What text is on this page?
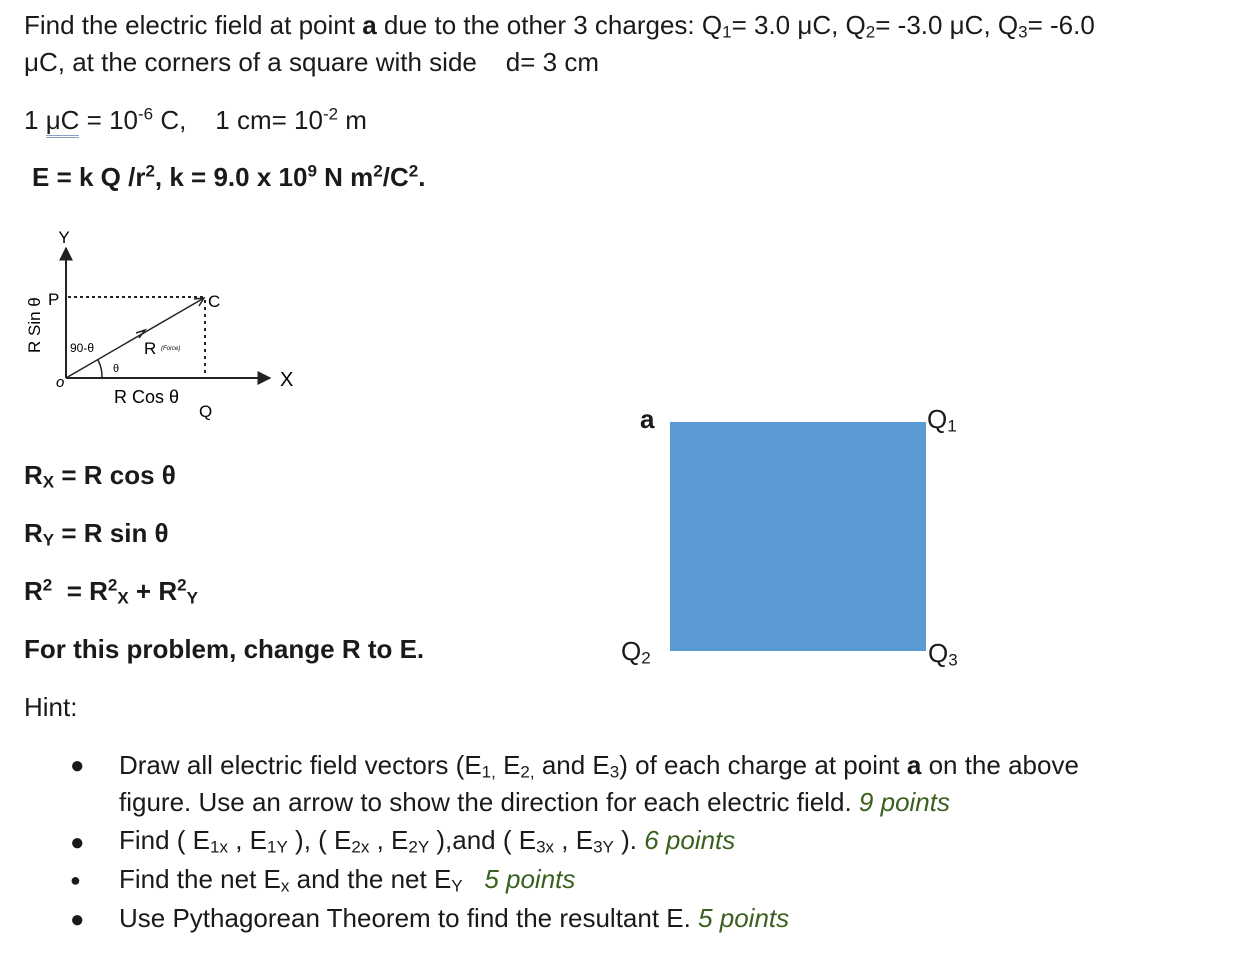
Find the electric field at point a due to the other 3 charges: $Q_1= 3.0$ μC, $Q_2= -3.0$ μC, $Q_3= -6.0$
μC, at the corners of a square with side    d= 3 cm
1 $\mu C = 10^{-6}$ C,    1 $cm= 10^{-2}$ m
E = k Q $/r^2$, k = 9.0 x $10^9$ N $m^2/C^2$.
Y
X
P	C
o
Q
R (Force)
90-θ
θ
R Cos θ
R Sin θ
$R_X = R$ cos θ
$R_Y = R$ sin θ
$R^2 = R^2_X + R^2_Y$
For this problem, change R to E.
a	$Q_1$
$Q_2$	$Q_3$
Hint:
● Draw all electric field vectors ($E_{1,}$ $E_{2,}$ and $E_3$) of each charge at point a on the above
figure. Use an arrow to show the direction for each electric field. 9 points
● Find ( $E_{1x}$ , $E_{1Y}$ ), ( $E_{2x}$ , $E_{2Y}$ ),and ( $E_{3x}$ , $E_{3Y}$ ). 6 points
● Find the net $E_x$ and the net $E_Y$ 5 points
● Use Pythagorean Theorem to find the resultant E. 5 points
